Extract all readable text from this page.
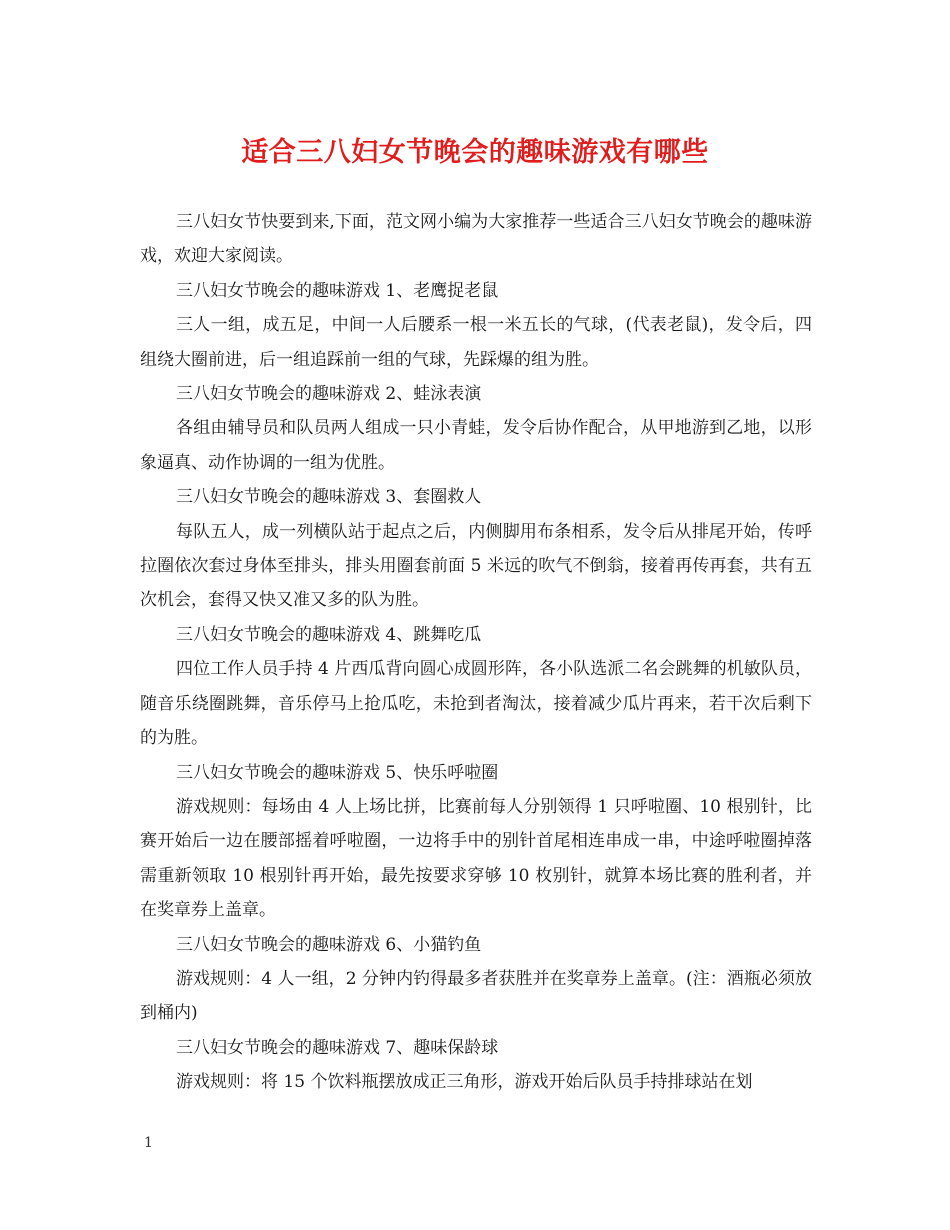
适合三八妇女节晚会的趣味游戏有哪些

三八妇女节快要到来,下面，范文网小编为大家推荐一些适合三八妇女节晚会的趣味游戏，欢迎大家阅读。

三八妇女节晚会的趣味游戏 1、老鹰捉老鼠

三人一组，成五足，中间一人后腰系一根一米五长的气球，(代表老鼠)，发令后，四组绕大圈前进，后一组追踩前一组的气球，先踩爆的组为胜。

三八妇女节晚会的趣味游戏 2、蛙泳表演

各组由辅导员和队员两人组成一只小青蛙，发令后协作配合，从甲地游到乙地，以形象逼真、动作协调的一组为优胜。

三八妇女节晚会的趣味游戏 3、套圈救人

每队五人，成一列横队站于起点之后，内侧脚用布条相系，发令后从排尾开始，传呼拉圈依次套过身体至排头，排头用圈套前面 5 米远的吹气不倒翁，接着再传再套，共有五次机会，套得又快又准又多的队为胜。

三八妇女节晚会的趣味游戏 4、跳舞吃瓜

四位工作人员手持 4 片西瓜背向圆心成圆形阵，各小队选派二名会跳舞的机敏队员，随音乐绕圈跳舞，音乐停马上抢瓜吃，未抢到者淘汰，接着减少瓜片再来，若干次后剩下的为胜。

三八妇女节晚会的趣味游戏 5、快乐呼啦圈

游戏规则：每场由 4 人上场比拼，比赛前每人分别领得 1 只呼啦圈、10 根别针，比赛开始后一边在腰部摇着呼啦圈，一边将手中的别针首尾相连串成一串，中途呼啦圈掉落需重新领取 10 根别针再开始，最先按要求穿够 10 枚别针，就算本场比赛的胜利者，并在奖章券上盖章。

三八妇女节晚会的趣味游戏 6、小猫钓鱼

游戏规则：4 人一组，2 分钟内钓得最多者获胜并在奖章券上盖章。(注：酒瓶必须放到桶内)

三八妇女节晚会的趣味游戏 7、趣味保龄球

游戏规则：将 15 个饮料瓶摆放成正三角形，游戏开始后队员手持排球站在划

1
